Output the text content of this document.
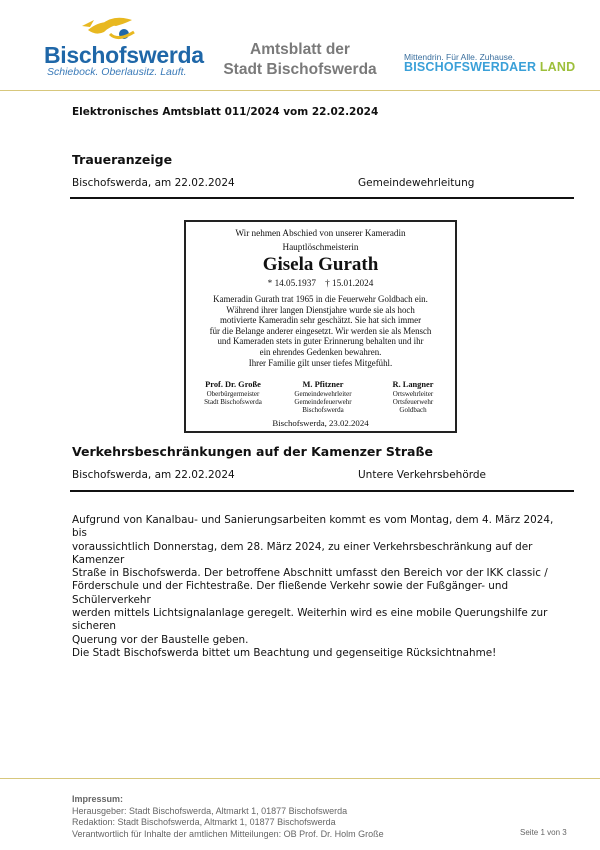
Bischofswerda
Schiebock. Oberlausitz. Lauft.
Amtsblatt der
Stadt Bischofswerda
Mittendrin. Für Alle. Zuhause.
BISCHOFSWERDAER LAND
Elektronisches Amtsblatt 011/2024 vom 22.02.2024
Traueranzeige
Bischofswerda, am 22.02.2024	Gemeindewehrleitung
Wir nehmen Abschied von unserer Kameradin
Hauptlöschmeisterin
Gisela Gurath
* 14.05.1937    † 15.01.2024
Kameradin Gurath trat 1965 in die Feuerwehr Goldbach ein.
Während ihrer langen Dienstjahre wurde sie als hoch
motivierte Kameradin sehr geschätzt. Sie hat sich immer
für die Belange anderer eingesetzt. Wir werden sie als Mensch
und Kameraden stets in guter Erinnerung behalten und ihr
ein ehrendes Gedenken bewahren.
Ihrer Familie gilt unser tiefes Mitgefühl.
Prof. Dr. Große
Oberbürgermeister
Stadt Bischofswerda
M. Pfitzner
Gemeindewehrleiter
Gemeindefeuerwehr
Bischofswerda
R. Langner
Ortswehrleiter
Ortsfeuerwehr
Goldbach
Bischofswerda, 23.02.2024
Verkehrsbeschränkungen auf der Kamenzer Straße
Bischofswerda, am 22.02.2024	Untere Verkehrsbehörde
Aufgrund von Kanalbau- und Sanierungsarbeiten kommt es vom Montag, dem 4. März 2024, bis
voraussichtlich Donnerstag, dem 28. März 2024, zu einer Verkehrsbeschränkung auf der Kamenzer
Straße in Bischofswerda. Der betroffene Abschnitt umfasst den Bereich vor der IKK classic /
Förderschule und der Fichtestraße. Der fließende Verkehr sowie der Fußgänger- und Schülerverkehr
werden mittels Lichtsignalanlage geregelt. Weiterhin wird es eine mobile Querungshilfe zur sicheren
Querung vor der Baustelle geben.
Die Stadt Bischofswerda bittet um Beachtung und gegenseitige Rücksichtnahme!
Impressum:
Herausgeber: Stadt Bischofswerda, Altmarkt 1, 01877 Bischofswerda
Redaktion: Stadt Bischofswerda, Altmarkt 1, 01877 Bischofswerda
Verantwortlich für Inhalte der amtlichen Mitteilungen: OB Prof. Dr. Holm Große	Seite 1 von 3
